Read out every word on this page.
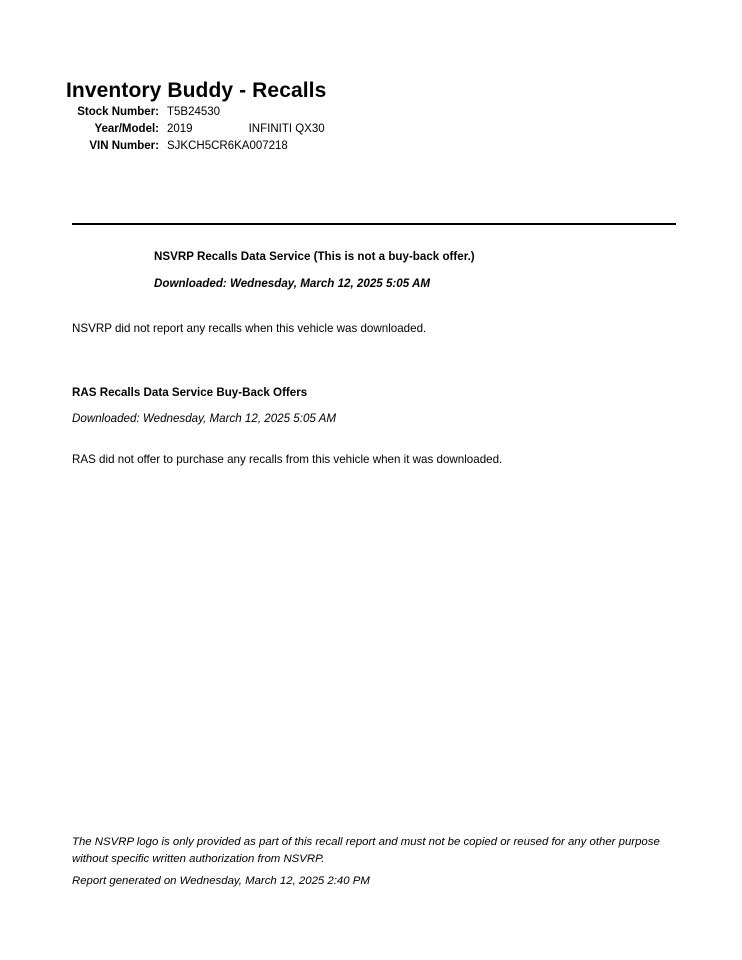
Inventory Buddy - Recalls
Stock Number: T5B24530
Year/Model: 2019	INFINITI QX30
VIN Number: SJKCH5CR6KA007218
NSVRP Recalls Data Service (This is not a buy-back offer.)
Downloaded: Wednesday, March 12, 2025 5:05 AM
NSVRP did not report any recalls when this vehicle was downloaded.
RAS Recalls Data Service Buy-Back Offers
Downloaded: Wednesday, March 12, 2025 5:05 AM
RAS did not offer to purchase any recalls from this vehicle when it was downloaded.
The NSVRP logo is only provided as part of this recall report and must not be copied or reused for any other purpose without specific written authorization from NSVRP.
Report generated on Wednesday, March 12, 2025 2:40 PM
